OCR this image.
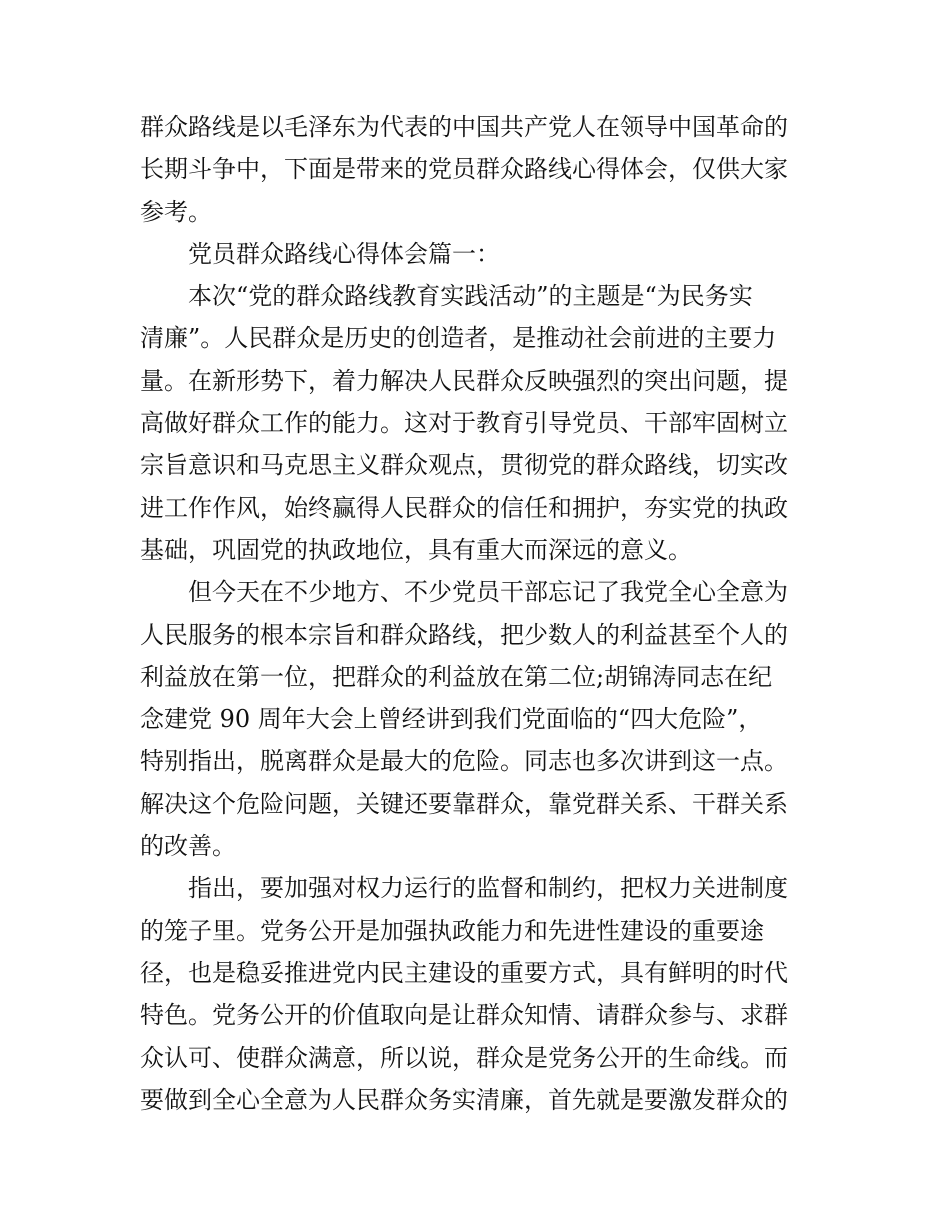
群众路线是以毛泽东为代表的中国共产党人在领导中国革命的
长期斗争中，下面是带来的党员群众路线心得体会，仅供大家
参考。
党员群众路线心得体会篇一：
本次“党的群众路线教育实践活动”的主题是“为民务实
清廉”。人民群众是历史的创造者，是推动社会前进的主要力
量。在新形势下，着力解决人民群众反映强烈的突出问题，提
高做好群众工作的能力。这对于教育引导党员、干部牢固树立
宗旨意识和马克思主义群众观点，贯彻党的群众路线，切实改
进工作作风，始终赢得人民群众的信任和拥护，夯实党的执政
基础，巩固党的执政地位，具有重大而深远的意义。
但今天在不少地方、不少党员干部忘记了我党全心全意为
人民服务的根本宗旨和群众路线，把少数人的利益甚至个人的
利益放在第一位，把群众的利益放在第二位;胡锦涛同志在纪
念建党 90 周年大会上曾经讲到我们党面临的“四大危险”，
特别指出，脱离群众是最大的危险。同志也多次讲到这一点。
解决这个危险问题，关键还要靠群众，靠党群关系、干群关系
的改善。
指出，要加强对权力运行的监督和制约，把权力关进制度
的笼子里。党务公开是加强执政能力和先进性建设的重要途
径，也是稳妥推进党内民主建设的重要方式，具有鲜明的时代
特色。党务公开的价值取向是让群众知情、请群众参与、求群
众认可、使群众满意，所以说，群众是党务公开的生命线。而
要做到全心全意为人民群众务实清廉，首先就是要激发群众的
